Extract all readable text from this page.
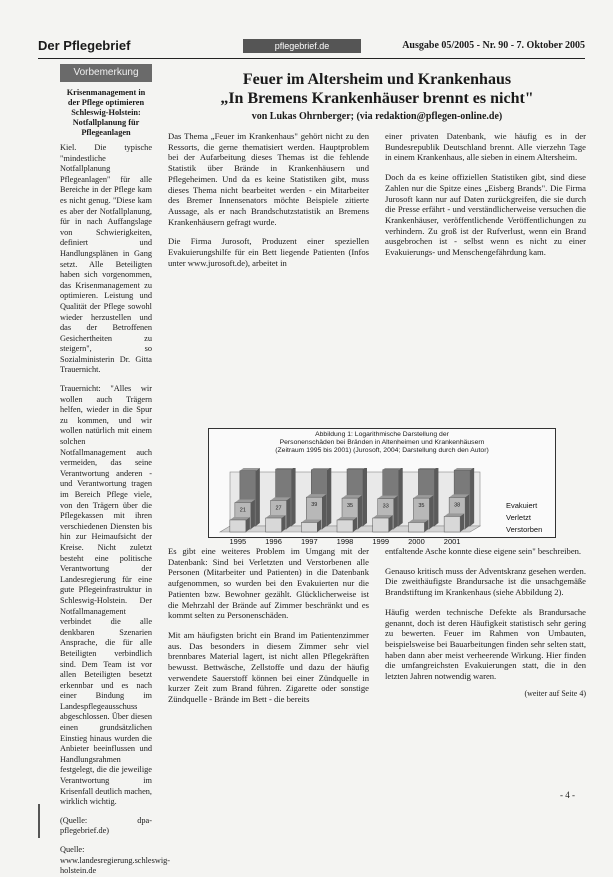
Der Pflegebrief	pflegebrief.de	Ausgabe 05/2005 - Nr. 90 - 7. Oktober 2005
Vorbemerkung
Krisenmanagement in der Pflege optimieren Schleswig-Holstein: Notfallplanung für Pflegeanlagen

Kiel. Die typische "mindestliche Notfallplanung Pflegeanlagen" für alle Bereiche in der Pflege kam es nicht genug. "Diese kam es aber der Notfallplanung, für in nach Auffangslage von Schwierigkeiten, definiert und Handlungsplänen in Gang setzt. Alle Beteiligten haben sich vorgenommen, das Krisenmanagement zu optimieren. Leistung und Qualität der Pflege sowohl wieder herzustellen und das der Betroffenen Gesichertheiten zu steigern", so Sozialministerin Dr. Gitta Trauernicht.

Trauernicht: "Alles wir wollen auch Trägern helfen, wieder in die Spur zu kommen, und wir wollen natürlich mit einem solchen Notfallmanagement auch vermeiden, das seine Verantwortung anderen - und Verantwortung tragen im Bereich Pflege viele, von den Trägern über die Pflegekassen mit ihren verschiedenen Diensten bis hin zur Heimaufsicht der Kreise. Nicht zuletzt besteht eine politische Verantwortung der Landesregierung für eine gute Pflegeinfrastruktur in Schleswig-Holstein. Der Notfallmanagement verbindet die alle denkbaren Szenarien Ansprache, die für alle Beteiligten verbindlich sind. Dem Team ist vor allen Beteiligten besetzt erkennbar und es nach einer Bindung im Landespflegeausschuss abgeschlossen. Über diesen einen grundsätzlichen Einstieg hinaus wurden die Anbieter beeinflussen und Handlungsrahmen festgelegt, die die jeweilige Verantwortung im Krisenfall deutlich machen, wirklich wichtig.

(Quelle: dpa-pflegebrief.de)

Quelle: www.landesregierung.schleswig-holstein.de

Feuer im Altersheim und Krankenhaus
„In Bremens Krankenhäuser brennt es nicht"
von Lukas Ohrnberger; (via redaktion@pflegen-online.de)

Das Thema „Feuer im Krankenhaus" gehört nicht zu den Ressorts, die gerne thematisiert werden. Hauptproblem bei der Aufarbeitung dieses Themas ist die fehlende Statistik über Brände in Krankenhäusern und Pflegeheimen. Und da es keine Statistiken gibt, muss dieses Thema nicht bearbeitet werden - ein Mitarbeiter des Bremer Innensenators möchte Beispiele zitierte Aussage, als er nach Brandschutzstatistik an Bremens Krankenhäusern gefragt wurde.

Die Firma Jurosoft, Produzent einer speziellen Evakuierungshilfe für ein Bett liegende Patienten (Infos unter www.jurosoft.de), arbeitet in

einer privaten Datenbank, wie häufig es in der Bundesrepublik Deutschland brennt. Alle vierzehn Tage in einem Krankenhaus, alle sieben in einem Altersheim.

Doch da es keine offiziellen Statistiken gibt, sind diese Zahlen nur die Spitze eines „Eisberg Brands". Die Firma Jurosoft kann nur auf Daten zurückgreifen, die sie durch die Presse erfährt - und verständlicherweise versuchen die Krankenhäuser, veröffentlichende Veröffentlichungen zu verhindern. Zu groß ist der Rufverlust, wenn ein Brand ausgebrochen ist - selbst wenn es nicht zu einer Evakuierungs- und Menschengefährdung kam.

Abbildung 1: Logarithmische Darstellung der
Personenschäden bei Bränden in Altenheimen und Krankenhäusern
(Zeitraum 1995 bis 2001) (Jurosoft, 2004; Darstellung durch den Autor)
21	27
39	35	33	35	38
1995	1996	1997	1998	1999	2000	2001
Evakuiert
Verletzt
Verstorben

Es gibt eine weiteres Problem im Umgang mit der Datenbank: Sind bei Verletzten und Verstorbenen alle Personen (Mitarbeiter und Patienten) in die Datenbank aufgenommen, so wurden bei den Evakuierten nur die Patienten bzw. Bewohner gezählt. Glücklicherweise ist die Mehrzahl der Brände auf Zimmer beschränkt und es kommt selten zu Personenschäden.

Mit am häufigsten bricht ein Brand im Patientenzimmer aus. Das besonders in diesem Zimmer sehr viel brennbares Material lagert, ist nicht allen Pflegekräften bewusst. Bettwäsche, Zellstoffe und dazu der häufig verwendete Sauerstoff können bei einer Zündquelle in kurzer Zeit zum Brand führen. Zigarette oder sonstige Zündquelle - Brände im Bett - die bereits

entfaltende Asche konnte diese eigene sein" beschreiben.

Genauso kritisch muss der Adventskranz gesehen werden. Die zweithäufigste Brandursache ist die unsachgemäße Brandstiftung im Krankenhaus (siehe Abbildung 2).

Häufig werden technische Defekte als Brandursache genannt, doch ist deren Häufigkeit statistisch sehr gering zu bewerten. Feuer im Rahmen von Umbauten, beispielsweise bei Bauarbeitungen finden sehr selten statt, haben dann aber meist verheerende Wirkung. Hier finden die umfangreichsten Evakuierungen statt, die in den letzten Jahren notwendig waren.

(weiter auf Seite 4)
- 4 -
